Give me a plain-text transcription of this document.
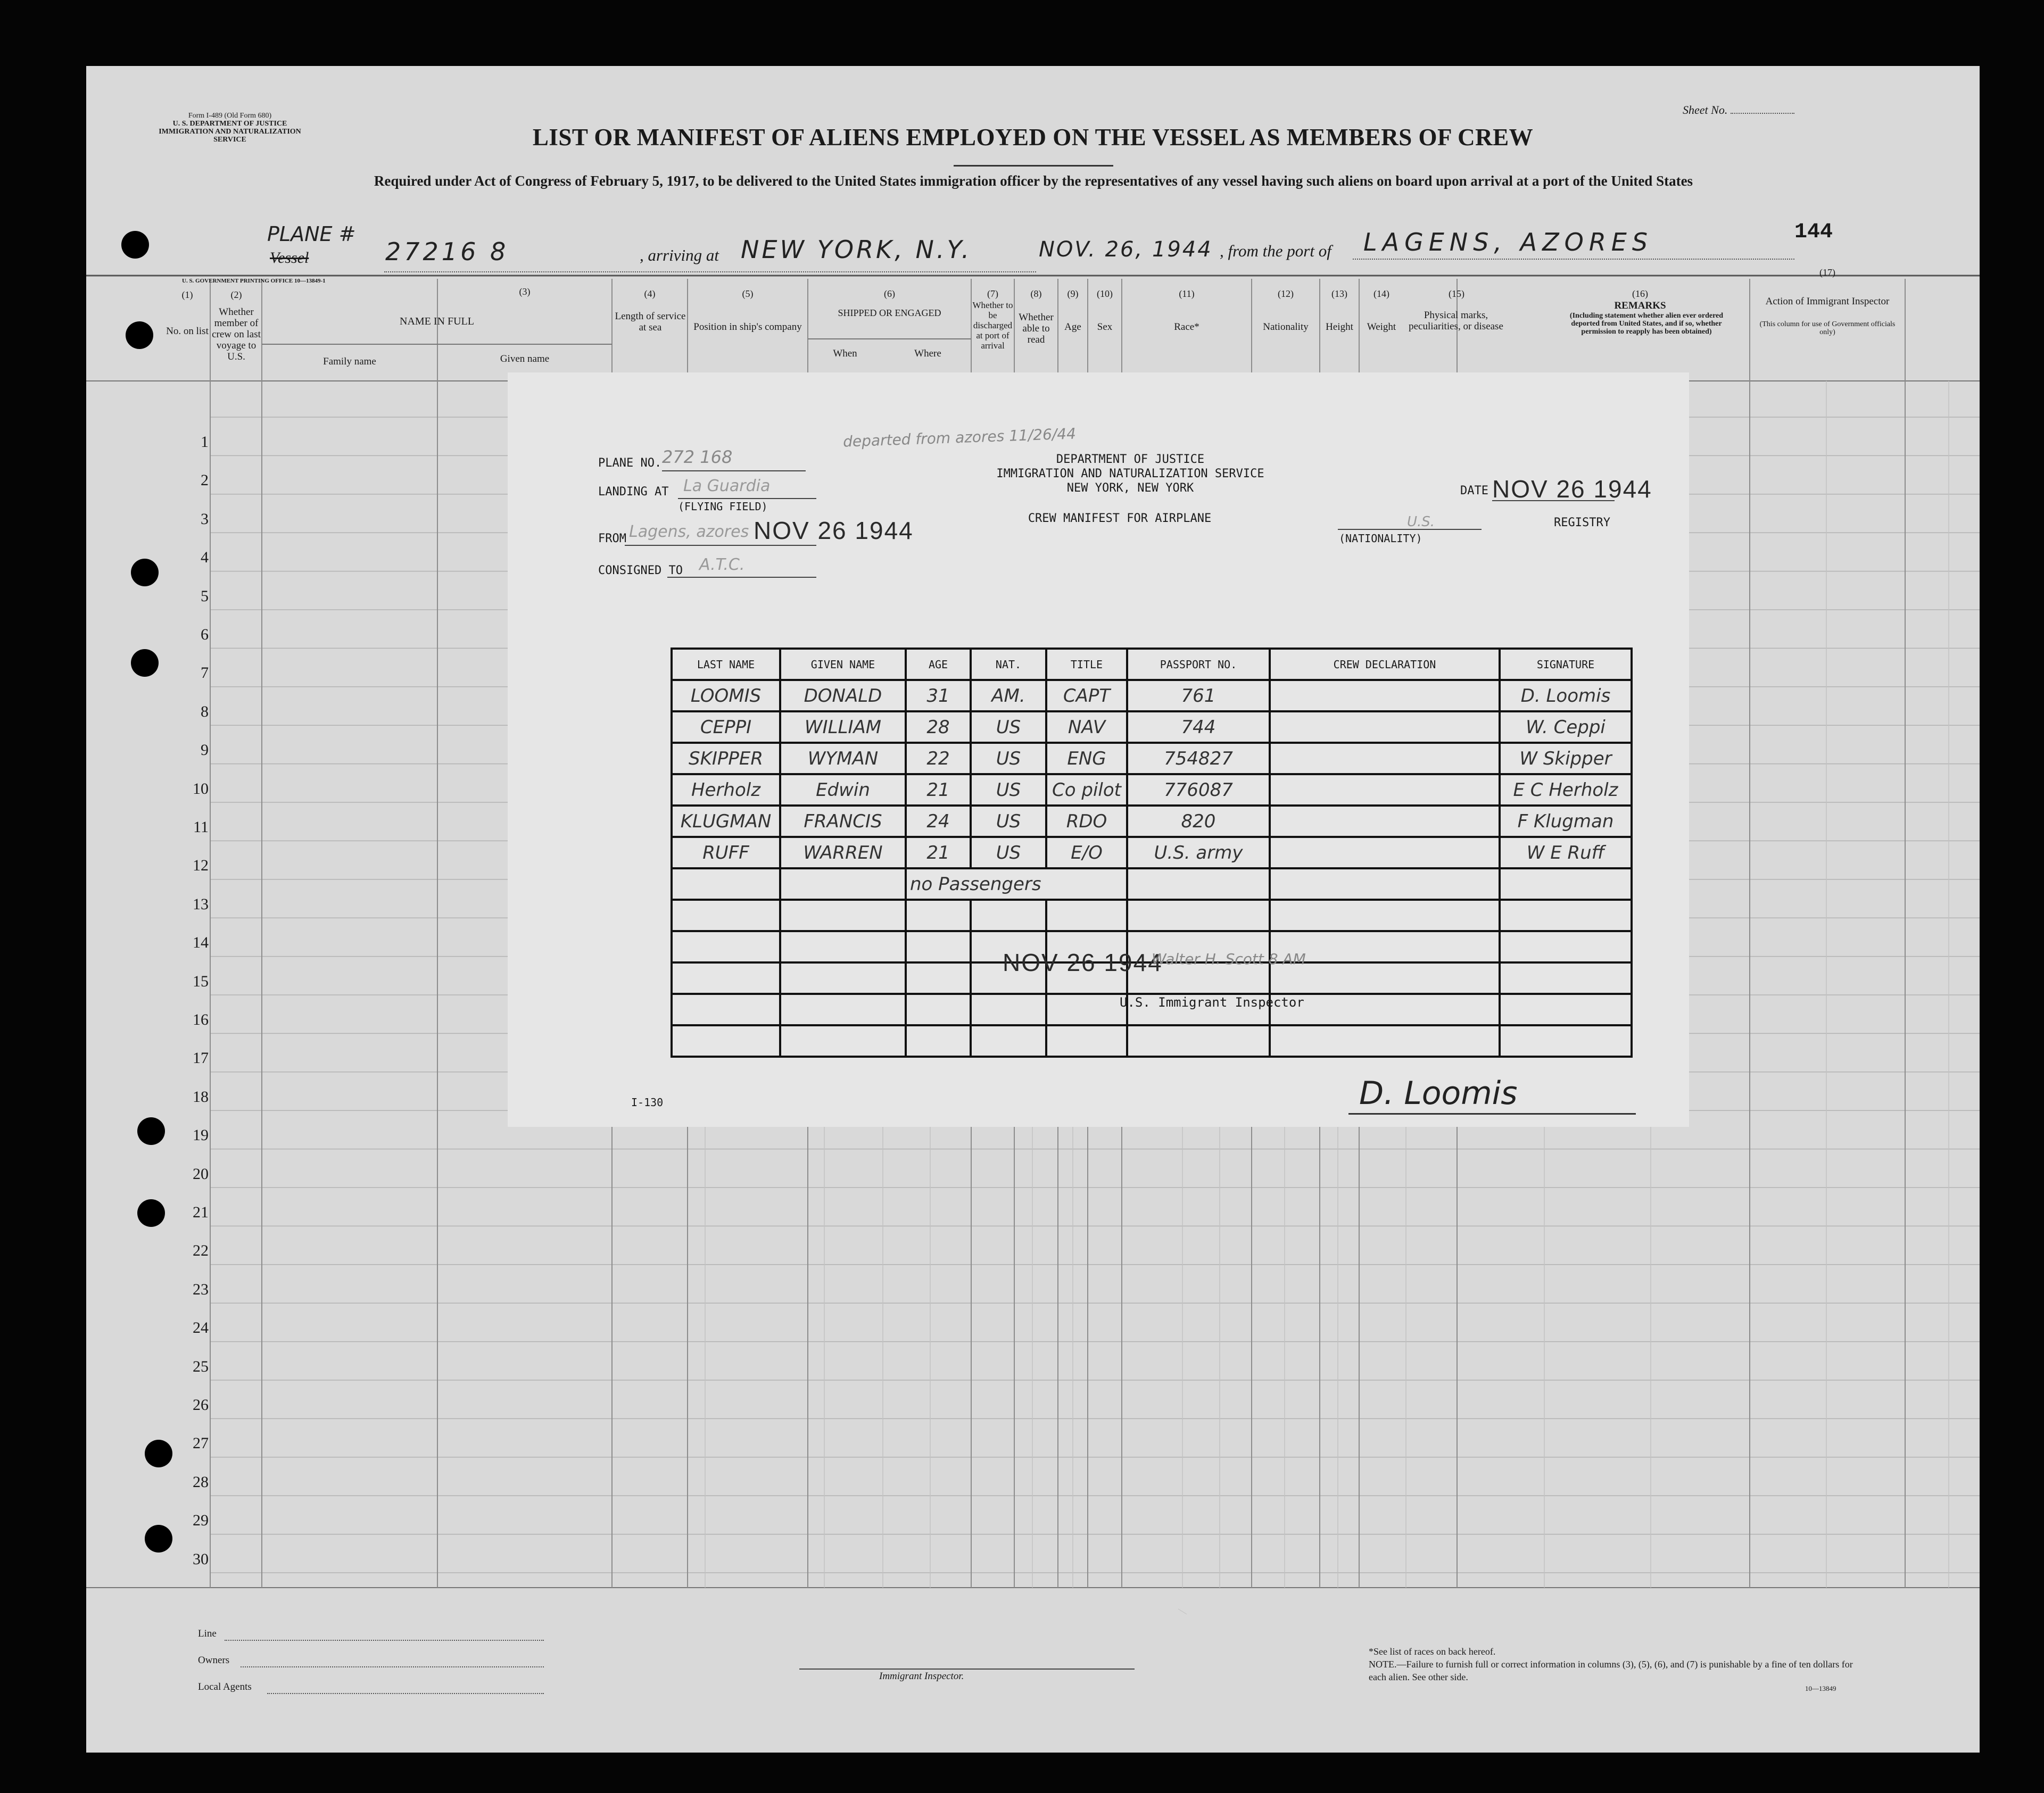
Form I-489 (Old Form 680)
U. S. DEPARTMENT OF JUSTICE
IMMIGRATION AND NATURALIZATION SERVICE
Sheet No.
LIST OR MANIFEST OF ALIENS EMPLOYED ON THE VESSEL AS MEMBERS OF CREW
Required under Act of Congress of February 5, 1917, to be delivered to the United States immigration officer by the representatives of any vessel having such aliens on board upon arrival at a port of the United States
PLANE #
Vessel	27216 8	, arriving at NEW YORK, N.Y.	NOV. 26, 1944 , from the port of LAGENS, AZORES	144
U. S. GOVERNMENT PRINTING OFFICE 10—13849-1
(1)
No. on list
(2)
Whether member of crew on last voyage to U.S.
(3)
NAME IN FULL
Family name	Given name
(4)
Length of service at sea
(5)
Position in ship's company
(6)
SHIPPED OR ENGAGED
When	Where
(7)
Whether to be discharged at port of arrival
(8)
Whether able to read
(9)
Age
(10)
Sex
(11)
Race*
(12)
Nationality
(13)
Height
(14)
Weight
(15)
Physical marks, peculiarities, or disease
(16)
REMARKS
(Including statement whether alien ever ordered deported from United States, and if so, whether permission to reapply has been obtained)
(17)
Action of Immigrant Inspector
(This column for use of Government officials only)
1
2
3
4
5
6
7
8
9
10
11
12
13
14
15
16
17
18
19
20
21
22
23
24
25
26
27
28
29
30
PLANE NO. 272 168
departed from azores 11/26/44
LANDING AT La Guardia
(FLYING FIELD)
FROM Lagens, azores NOV 26 1944
CONSIGNED TO A.T.C.
DEPARTMENT OF JUSTICE
IMMIGRATION AND NATURALIZATION SERVICE
NEW YORK, NEW YORK
CREW MANIFEST FOR AIRPLANE
DATE NOV 26 1944
U.S.
(NATIONALITY)
REGISTRY
LAST NAME	GIVEN NAME	AGE	NAT.	TITLE	PASSPORT NO.	CREW DECLARATION	SIGNATURE
LOOMIS	DONALD	31	AM.	CAPT	761		D. Loomis
CEPPI	WILLIAM	28	US	NAV	744		W. Ceppi
SKIPPER	WYMAN	22	US	ENG	754827		W Skipper
Herholz	Edwin	21	US	Co pilot	776087		E C Herholz
KLUGMAN	FRANCIS	24	US	RDO	820		F Klugman
RUFF	WARREN	21	US	E/O	U.S. army		W E Ruff
		no Passengers					

NOV 26 1944
Walter H. Scott 8 AM
U.S. Immigrant Inspector
I-130	D. Loomis
Line
Owners
Local Agents
Immigrant Inspector.
*See list of races on back hereof.
NOTE.—Failure to furnish full or correct information in columns (3), (5), (6), and (7) is punishable by a fine of ten dollars for each alien. See other side.
10—13849
